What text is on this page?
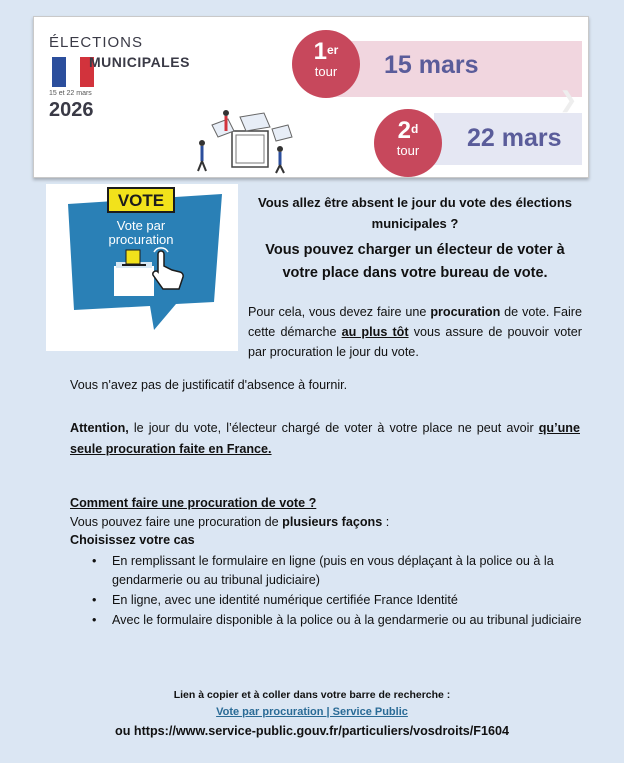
ÉLECTIONS
MUNICIPALES
15 et 22 mars
2026
1er
tour	15 mars
2$^d$
tour	22 mars
❯
VOTE
Vote par
procuration
Vous allez être absent le jour du vote des élections municipales ?
Vous pouvez charger un électeur de voter à votre place dans votre bureau de vote.
Pour cela, vous devez faire une procuration de vote. Faire cette démarche au plus tôt vous assure de pouvoir voter par procuration le jour du vote.
Vous n'avez pas de justificatif d'absence à fournir.
Attention, le jour du vote, l’électeur chargé de voter à votre place ne peut avoir qu’une seule procuration faite en France.
Comment faire une procuration de vote ?
Vous pouvez faire une procuration de plusieurs façons :
Choisissez votre cas
• En remplissant le formulaire en ligne (puis en vous déplaçant à la police ou à la gendarmerie ou au tribunal judiciaire)
• En ligne, avec une identité numérique certifiée France Identité
• Avec le formulaire disponible à la police ou à la gendarmerie ou au tribunal judiciaire
Lien à copier et à coller dans votre barre de recherche :
Vote par procuration | Service Public
ou https://www.service-public.gouv.fr/particuliers/vosdroits/F1604
